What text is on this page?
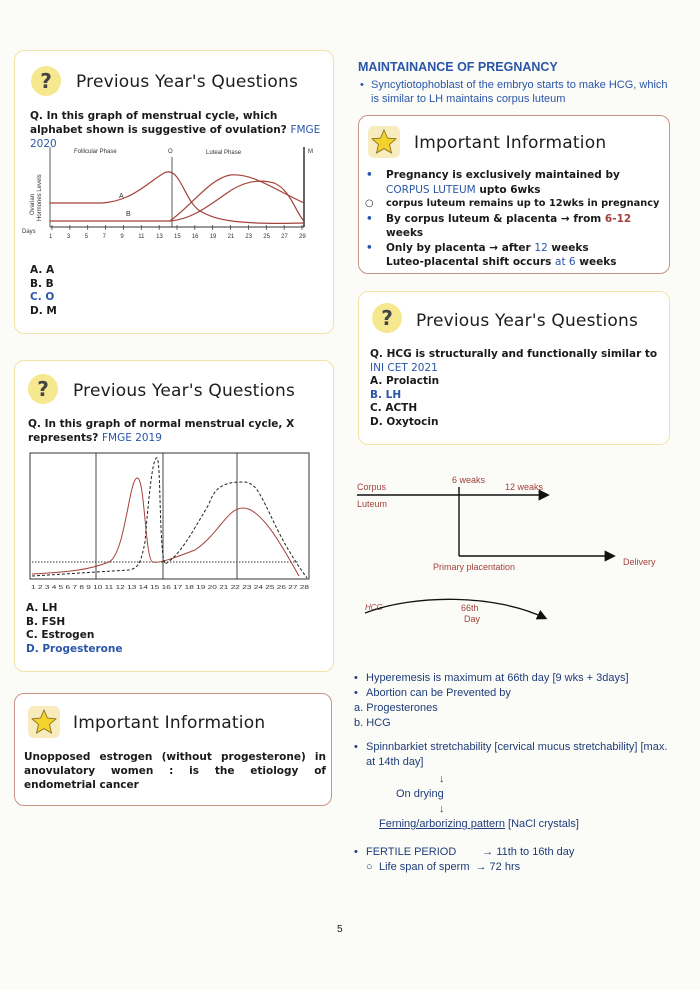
?	Previous Year's Questions
Q. In this graph of menstrual cycle, which alphabet shown is suggestive of ovulation? FMGE 2020
Follicular Phase	O	Luteal Phase	M
Ovarian Hormones Levels	A
B
Days
1 3 5 7 9 11 13 15 16 19 21 23 25 27 29
A. A
B. B
C. O
D. M
?	Previous Year's Questions
Q. In this graph of normal menstrual cycle, X represents? FMGE 2019
1 2 3 4 5 6 7 8 9 10 11 12 13 14 15 16 17 18 19 20 21 22 23 24 25 26 27 28
A. LH
B. FSH
C. Estrogen
D. Progesterone
Important Information
Unopposed estrogen (without progesterone) in anovulatory women : is the etiology of endometrial cancer
MAINTAINANCE OF PREGNANCY
• Syncytiotophoblast of the embryo starts to make HCG, which is similar to LH maintains corpus luteum
Important Information
• Pregnancy is exclusively maintained by CORPUS LUTEUM upto 6wks
○ corpus luteum remains up to 12wks in pregnancy
• By corpus luteum & placenta → from 6-12 weeks
• Only by placenta → after 12 weeks
Luteo-placental shift occurs at 6 weeks
?	Previous Year's Questions
Q. HCG is structurally and functionally similar to
INI CET 2021
A. Prolactin
B. LH
C. ACTH
D. Oxytocin
Corpus
Luteum
6 weaks
12 weaks
Primary placentation	Delivery
HCG	66th
Day
• Hyperemesis is maximum at 66th day [9 wks + 3days]
• Abortion can be Prevented by
a. Progesterones
b. HCG
• Spinnbarkiet stretchability [cervical mucus stretchability] [max. at 14th day]
↓
On drying
↓
Ferning/arborizing pattern [NaCl crystals]
• FERTILE PERIOD → 11th to 16th day
○ Life span of sperm → 72 hrs
5
